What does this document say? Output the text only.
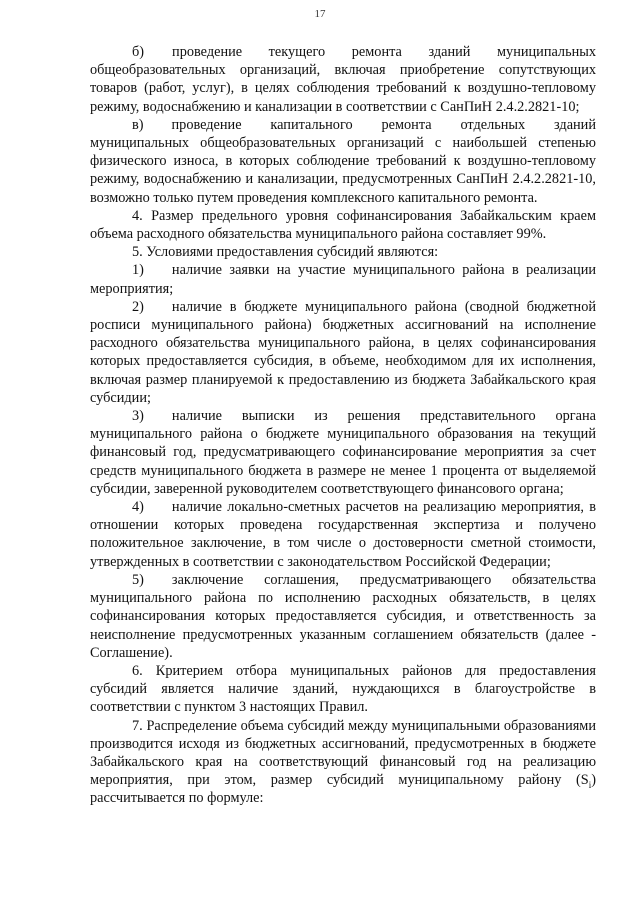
17

б) проведение текущего ремонта зданий муниципальных общеобразовательных организаций, включая приобретение сопутствующих товаров (работ, услуг), в целях соблюдения требований к воздушно-тепловому режиму, водоснабжению и канализации в соответствии с СанПиН 2.4.2.2821-10;

в) проведение капитального ремонта отдельных зданий муниципальных общеобразовательных организаций с наибольшей степенью физического износа, в которых соблюдение требований к воздушно-тепловому режиму, водоснабжению и канализации, предусмотренных СанПиН 2.4.2.2821-10, возможно только путем проведения комплексного капитального ремонта.

4. Размер предельного уровня софинансирования Забайкальским краем объема расходного обязательства муниципального района составляет 99%.

5. Условиями предоставления субсидий являются:

1) наличие заявки на участие муниципального района в реализации мероприятия;

2) наличие в бюджете муниципального района (сводной бюджетной росписи муниципального района) бюджетных ассигнований на исполнение расходного обязательства муниципального района, в целях софинансирования которых предоставляется субсидия, в объеме, необходимом для их исполнения, включая размер планируемой к предоставлению из бюджета Забайкальского края субсидии;

3) наличие выписки из решения представительного органа муниципального района о бюджете муниципального образования на текущий финансовый год, предусматривающего софинансирование мероприятия за счет средств муниципального бюджета в размере не менее 1 процента от выделяемой субсидии, заверенной руководителем соответствующего финансового органа;

4) наличие локально-сметных расчетов на реализацию мероприятия, в отношении которых проведена государственная экспертиза и получено положительное заключение, в том числе о достоверности сметной стоимости, утвержденных в соответствии с законодательством Российской Федерации;

5) заключение соглашения, предусматривающего обязательства муниципального района по исполнению расходных обязательств, в целях софинансирования которых предоставляется субсидия, и ответственность за неисполнение предусмотренных указанным соглашением обязательств (далее - Соглашение).

6. Критерием отбора муниципальных районов для предоставления субсидий является наличие зданий, нуждающихся в благоустройстве в соответствии с пунктом 3 настоящих Правил.

7. Распределение объема субсидий между муниципальными образованиями производится исходя из бюджетных ассигнований, предусмотренных в бюджете Забайкальского края на соответствующий финансовый год на реализацию мероприятия, при этом, размер субсидий муниципальному району $(S_i)$ рассчитывается по формуле:
